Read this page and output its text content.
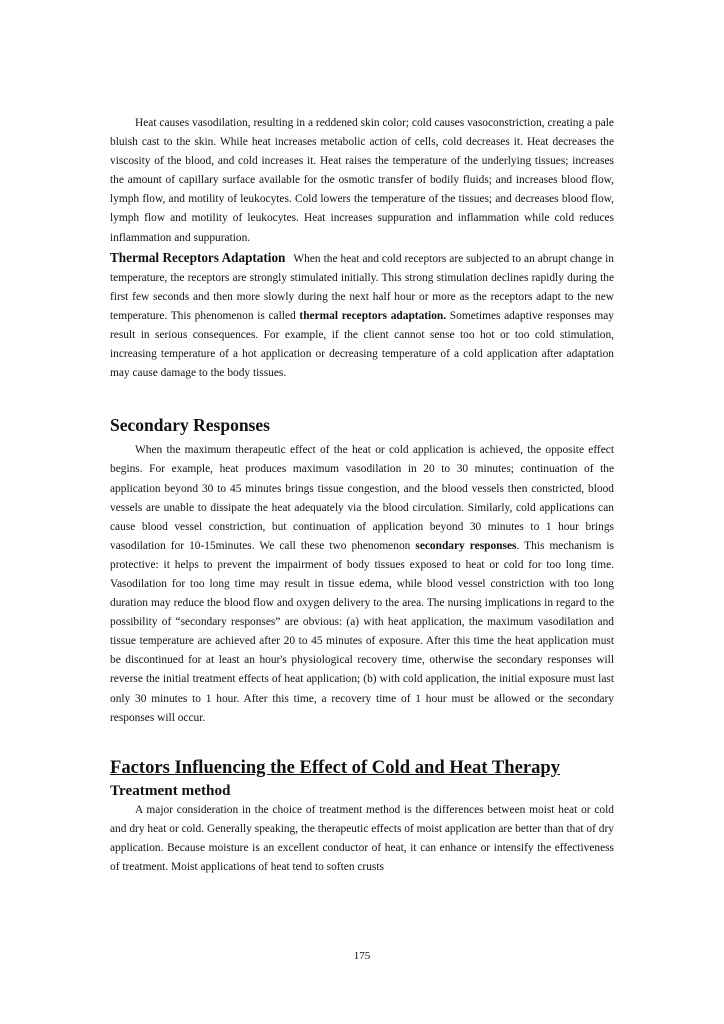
Heat causes vasodilation, resulting in a reddened skin color; cold causes vasoconstriction, creating a pale bluish cast to the skin. While heat increases metabolic action of cells, cold decreases it. Heat decreases the viscosity of the blood, and cold increases it. Heat raises the temperature of the underlying tissues; increases the amount of capillary surface available for the osmotic transfer of bodily fluids; and increases blood flow, lymph flow, and motility of leukocytes. Cold lowers the temperature of the tissues; and decreases blood flow, lymph flow and motility of leukocytes. Heat increases suppuration and inflammation while cold reduces inflammation and suppuration.

Thermal Receptors Adaptation When the heat and cold receptors are subjected to an abrupt change in temperature, the receptors are strongly stimulated initially. This strong stimulation declines rapidly during the first few seconds and then more slowly during the next half hour or more as the receptors adapt to the new temperature. This phenomenon is called thermal receptors adaptation. Sometimes adaptive responses may result in serious consequences. For example, if the client cannot sense too hot or too cold stimulation, increasing temperature of a hot application or decreasing temperature of a cold application after adaptation may cause damage to the body tissues.

Secondary Responses

When the maximum therapeutic effect of the heat or cold application is achieved, the opposite effect begins. For example, heat produces maximum vasodilation in 20 to 30 minutes; continuation of the application beyond 30 to 45 minutes brings tissue congestion, and the blood vessels then constricted, blood vessels are unable to dissipate the heat adequately via the blood circulation. Similarly, cold applications can cause blood vessel constriction, but continuation of application beyond 30 minutes to 1 hour brings vasodilation for 10-15minutes. We call these two phenomenon secondary responses. This mechanism is protective: it helps to prevent the impairment of body tissues exposed to heat or cold for too long time. Vasodilation for too long time may result in tissue edema, while blood vessel constriction with too long duration may reduce the blood flow and oxygen delivery to the area. The nursing implications in regard to the possibility of “secondary responses” are obvious: (a) with heat application, the maximum vasodilation and tissue temperature are achieved after 20 to 45 minutes of exposure. After this time the heat application must be discontinued for at least an hour's physiological recovery time, otherwise the secondary responses will reverse the initial treatment effects of heat application; (b) with cold application, the initial exposure must last only 30 minutes to 1 hour. After this time, a recovery time of 1 hour must be allowed or the secondary responses will occur.

Factors Influencing the Effect of Cold and Heat Therapy
Treatment method

A major consideration in the choice of treatment method is the differences between moist heat or cold and dry heat or cold. Generally speaking, the therapeutic effects of moist application are better than that of dry application. Because moisture is an excellent conductor of heat, it can enhance or intensify the effectiveness of treatment. Moist applications of heat tend to soften crusts

175
